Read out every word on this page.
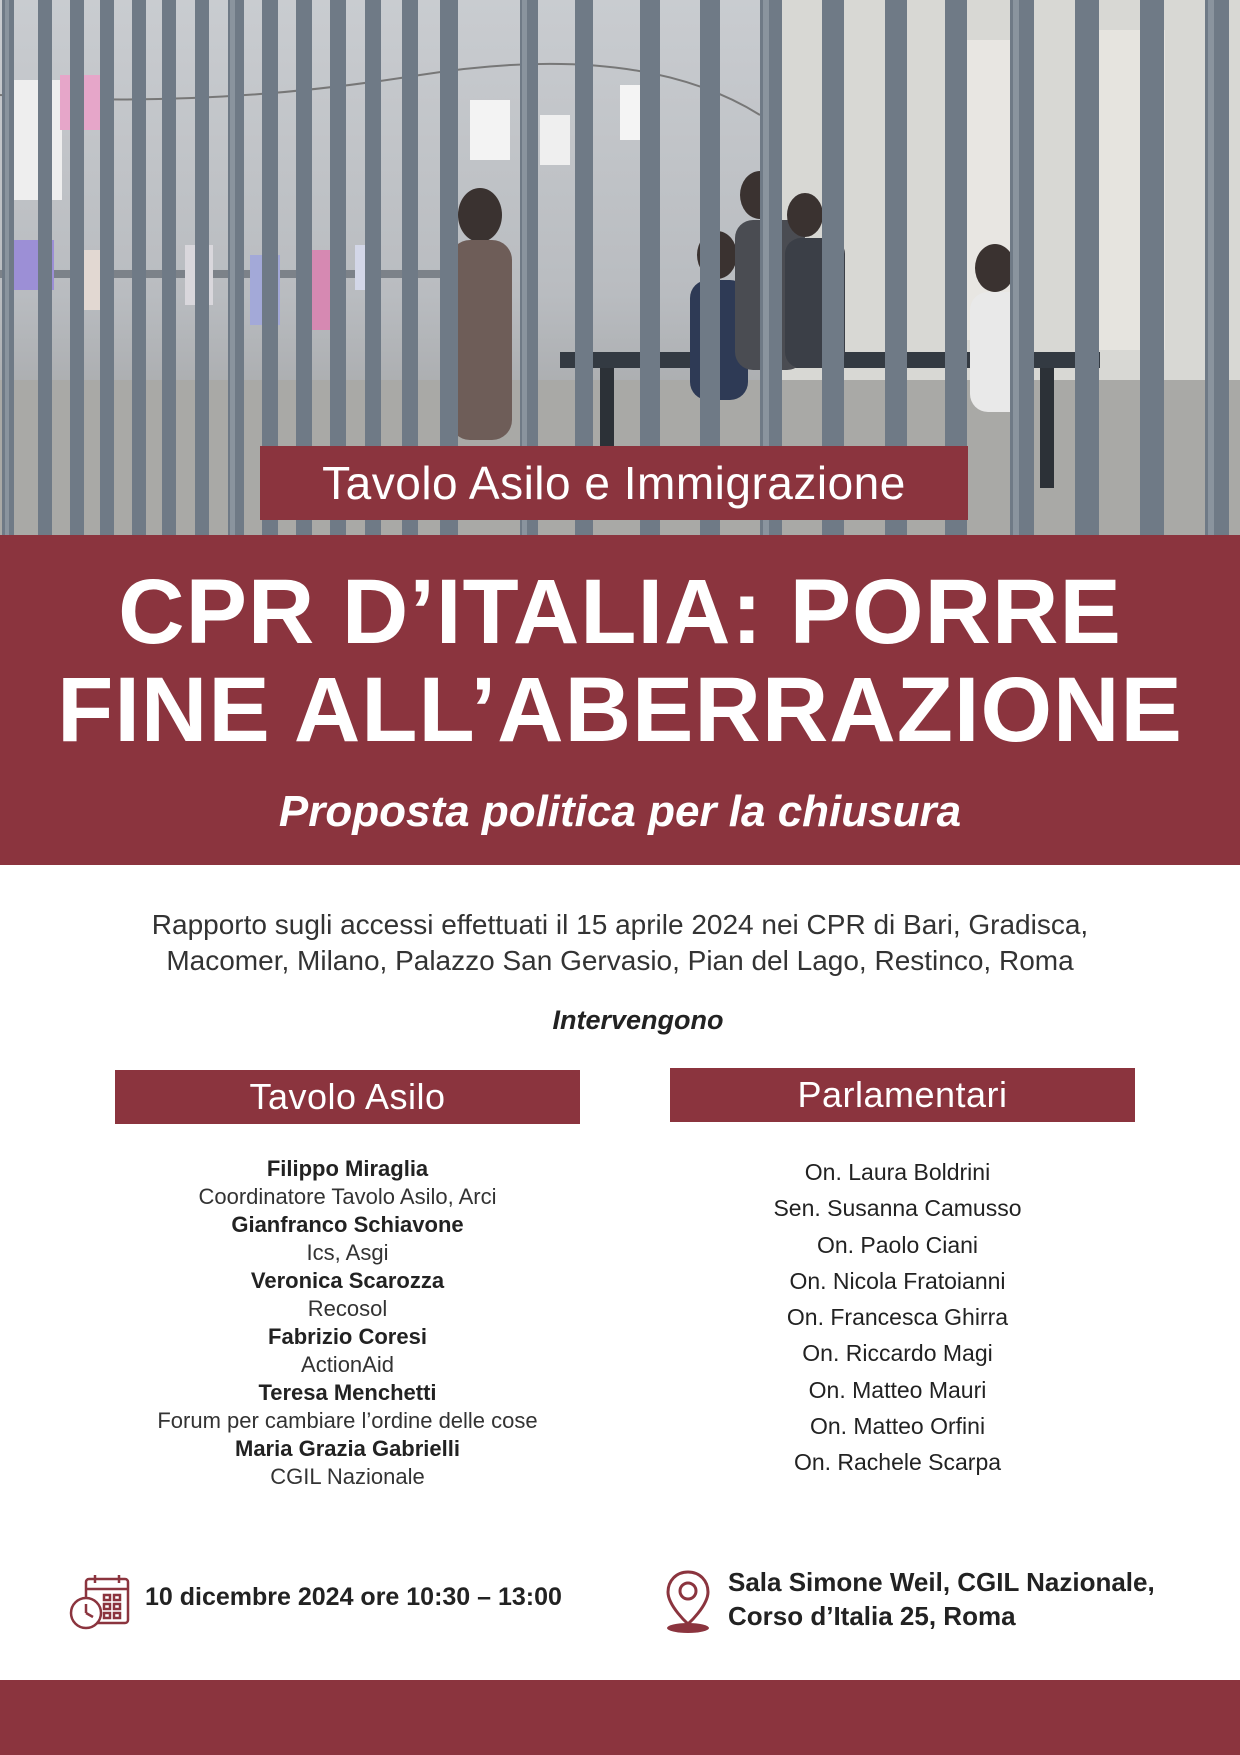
Tavolo Asilo e Immigrazione
CPR D’ITALIA: PORRE
FINE ALL’ABERRAZIONE
Proposta politica per la chiusura
Rapporto sugli accessi effettuati il 15 aprile 2024 nei CPR di Bari, Gradisca,
Macomer, Milano, Palazzo San Gervasio, Pian del Lago, Restinco, Roma
Intervengono
Tavolo Asilo	Parlamentari
Filippo Miraglia
Coordinatore Tavolo Asilo, Arci
Gianfranco Schiavone
Ics, Asgi
Veronica Scarozza
Recosol
Fabrizio Coresi
ActionAid
Teresa Menchetti
Forum per cambiare l’ordine delle cose
Maria Grazia Gabrielli
CGIL Nazionale
On. Laura Boldrini
Sen. Susanna Camusso
On. Paolo Ciani
On. Nicola Fratoianni
On. Francesca Ghirra
On. Riccardo Magi
On. Matteo Mauri
On. Matteo Orfini
On. Rachele Scarpa
10 dicembre 2024 ore 10:30 – 13:00	Sala Simone Weil, CGIL Nazionale,
Corso d’Italia 25, Roma
